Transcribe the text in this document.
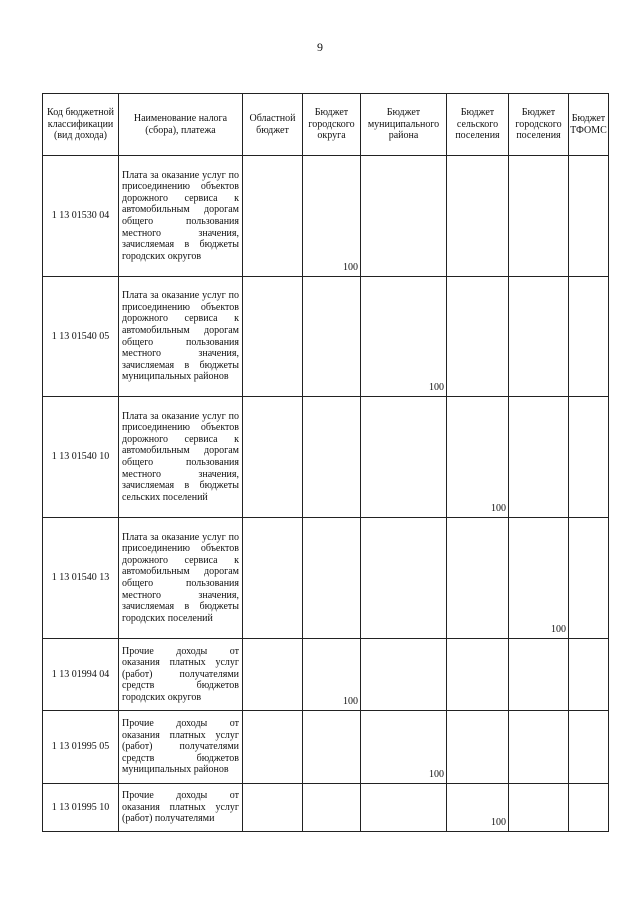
9
Код бюджетной классификации (вид дохода)	Наименование налога (сбора), платежа	Областной бюджет	Бюджет городского округа	Бюджет муниципального района	Бюджет сельского поселения	Бюджет городского поселения	Бюджет ТФОМС
1 13 01530 04	Плата за оказание услуг по присоединению объектов дорожного сервиса к автомобильным дорогам общего пользования местного значения, зачисляемая в бюджеты городских округов		100				
1 13 01540 05	Плата за оказание услуг по присоединению объектов дорожного сервиса к автомобильным дорогам общего пользования местного значения, зачисляемая в бюджеты муниципальных районов			100			
1 13 01540 10	Плата за оказание услуг по присоединению объектов дорожного сервиса к автомобильным дорогам общего пользования местного значения, зачисляемая в бюджеты сельских поселений				100		
1 13 01540 13	Плата за оказание услуг по присоединению объектов дорожного сервиса к автомобильным дорогам общего пользования местного значения, зачисляемая в бюджеты городских поселений					100	
1 13 01994 04	Прочие доходы от оказания платных услуг (работ) получателями средств бюджетов городских округов		100				
1 13 01995 05	Прочие доходы от оказания платных услуг (работ) получателями средств бюджетов муниципальных районов			100			
1 13 01995 10	Прочие доходы от оказания платных услуг (работ) получателями				100		
